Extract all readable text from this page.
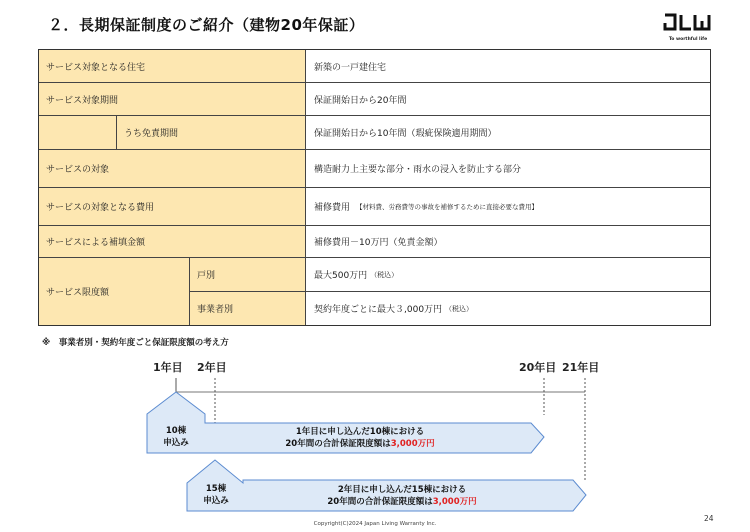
２．長期保証制度のご紹介（建物20年保証）
To worthful life
サービス対象となる住宅	新築の一戸建住宅
サービス対象期間	保証開始日から20年間
うち免責期間	保証開始日から10年間（瑕疵保険適用期間）
サービスの対象	構造耐力上主要な部分・雨水の浸入を防止する部分
サービスの対象となる費用	補修費用 【材料費、労務費等の事故を補修するために直接必要な費用】
サービスによる補填金額	補修費用－10万円（免責金額）
サービス限度額
戸別	最大500万円 （税込）
事業者別	契約年度ごとに最大３,000万円 （税込）
※　事業者別・契約年度ごと保証限度額の考え方
1年目 2年目	20年目 21年目
10棟
申込み
1年目に申し込んだ10棟における
20年間の合計保証限度額は3,000万円
15棟
申込み
2年目に申し込んだ15棟における
20年間の合計保証限度額は3,000万円
Copyright(C)2024 Japan Living Warranty Inc.
24
